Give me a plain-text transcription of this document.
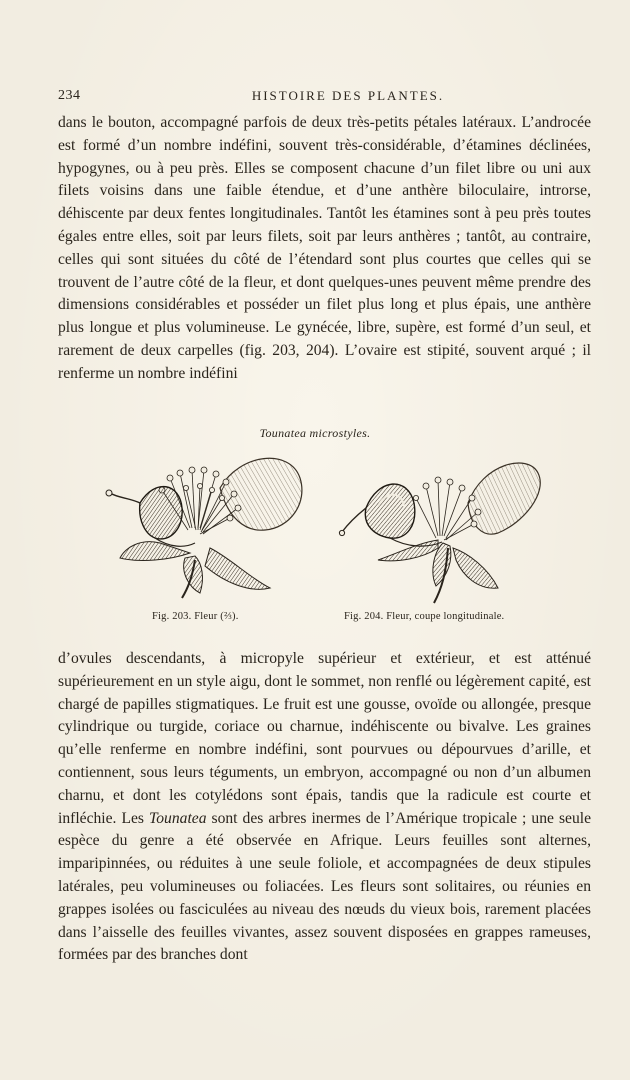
234	HISTOIRE DES PLANTES.

dans le bouton, accompagné parfois de deux très-petits pétales latéraux. L’androcée est formé d’un nombre indéfini, souvent très-considérable, d’étamines déclinées, hypogynes, ou à peu près. Elles se composent chacune d’un filet libre ou uni aux filets voisins dans une faible étendue, et d’une anthère biloculaire, introrse, déhiscente par deux fentes longitudinales. Tantôt les étamines sont à peu près toutes égales entre elles, soit par leurs filets, soit par leurs anthères ; tantôt, au contraire, celles qui sont situées du côté de l’étendard sont plus courtes que celles qui se trouvent de l’autre côté de la fleur, et dont quelques-unes peuvent même prendre des dimensions considérables et posséder un filet plus long et plus épais, une anthère plus longue et plus volumineuse. Le gynécée, libre, supère, est formé d’un seul, et rarement de deux carpelles (fig. 203, 204). L’ovaire est stipité, souvent arqué ; il renferme un nombre indéfini

Tounatea microstyles.
Fig. 203. Fleur (⅔).	Fig. 204. Fleur, coupe longitudinale.

d’ovules descendants, à micropyle supérieur et extérieur, et est atténué supérieurement en un style aigu, dont le sommet, non renflé ou légèrement capité, est chargé de papilles stigmatiques. Le fruit est une gousse, ovoïde ou allongée, presque cylindrique ou turgide, coriace ou charnue, indéhiscente ou bivalve. Les graines qu’elle renferme en nombre indéfini, sont pourvues ou dépourvues d’arille, et contiennent, sous leurs téguments, un embryon, accompagné ou non d’un albumen charnu, et dont les cotylédons sont épais, tandis que la radicule est courte et infléchie. Les Tounatea sont des arbres inermes de l’Amérique tropicale ; une seule espèce du genre a été observée en Afrique. Leurs feuilles sont alternes, imparipinnées, ou réduites à une seule foliole, et accompagnées de deux stipules latérales, peu volumineuses ou foliacées. Les fleurs sont solitaires, ou réunies en grappes isolées ou fasciculées au niveau des nœuds du vieux bois, rarement placées dans l’aisselle des feuilles vivantes, assez souvent disposées en grappes rameuses, formées par des branches dont
